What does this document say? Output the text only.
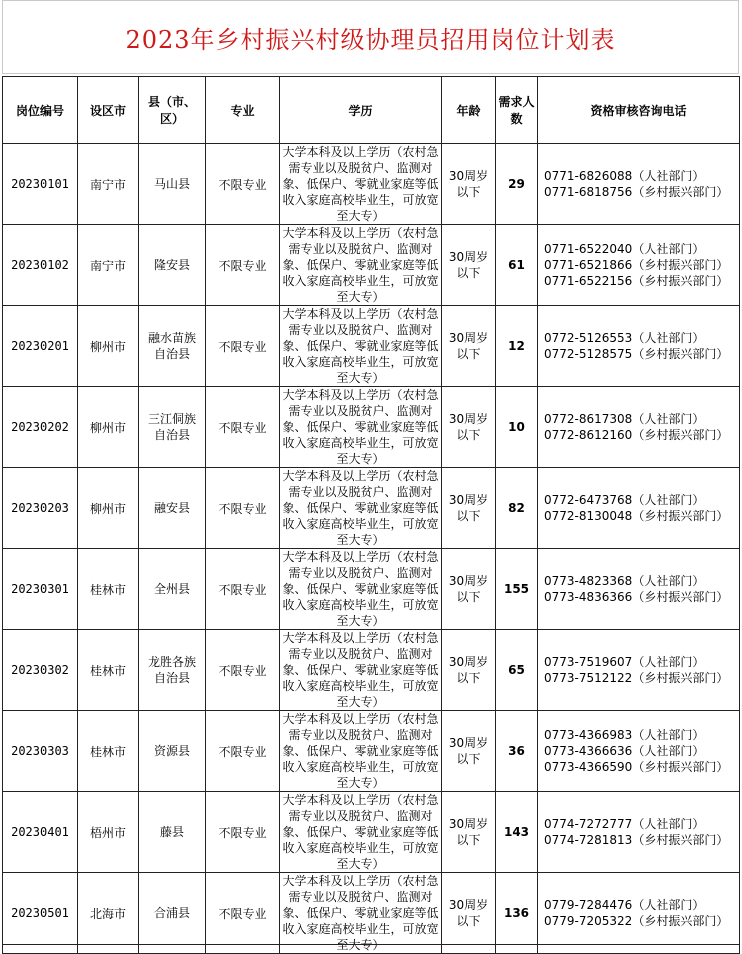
2023年乡村振兴村级协理员招用岗位计划表
岗位编号	设区市	县（市、区）	专业	学历	年龄	需求人数	资格审核咨询电话
20230101	南宁市	马山县	不限专业	大学本科及以上学历（农村急需专业以及脱贫户、监测对象、低保户、零就业家庭等低收入家庭高校毕业生，可放宽至大专）	30周岁以下	29	0771-6826088（人社部门）
0771-6818756（乡村振兴部门）

20230102	南宁市	隆安县	不限专业	大学本科及以上学历（农村急需专业以及脱贫户、监测对象、低保户、零就业家庭等低收入家庭高校毕业生，可放宽至大专）	30周岁以下	61	0771-6522040（人社部门）
0771-6521866（乡村振兴部门）
0771-6522156（乡村振兴部门）

20230201	柳州市	融水苗族自治县	不限专业	大学本科及以上学历（农村急需专业以及脱贫户、监测对象、低保户、零就业家庭等低收入家庭高校毕业生，可放宽至大专）	30周岁以下	12	0772-5126553（人社部门）
0772-5128575（乡村振兴部门）

20230202	柳州市	三江侗族自治县	不限专业	大学本科及以上学历（农村急需专业以及脱贫户、监测对象、低保户、零就业家庭等低收入家庭高校毕业生，可放宽至大专）	30周岁以下	10	0772-8617308（人社部门）
0772-8612160（乡村振兴部门）

20230203	柳州市	融安县	不限专业	大学本科及以上学历（农村急需专业以及脱贫户、监测对象、低保户、零就业家庭等低收入家庭高校毕业生，可放宽至大专）	30周岁以下	82	0772-6473768（人社部门）
0772-8130048（乡村振兴部门）

20230301	桂林市	全州县	不限专业	大学本科及以上学历（农村急需专业以及脱贫户、监测对象、低保户、零就业家庭等低收入家庭高校毕业生，可放宽至大专）	30周岁以下	155	0773-4823368（人社部门）
0773-4836366（乡村振兴部门）

20230302	桂林市	龙胜各族自治县	不限专业	大学本科及以上学历（农村急需专业以及脱贫户、监测对象、低保户、零就业家庭等低收入家庭高校毕业生，可放宽至大专）	30周岁以下	65	0773-7519607（人社部门）
0773-7512122（乡村振兴部门）

20230303	桂林市	资源县	不限专业	大学本科及以上学历（农村急需专业以及脱贫户、监测对象、低保户、零就业家庭等低收入家庭高校毕业生，可放宽至大专）	30周岁以下	36	0773-4366983（人社部门）
0773-4366636（人社部门）
0773-4366590（乡村振兴部门）

20230401	梧州市	藤县	不限专业	大学本科及以上学历（农村急需专业以及脱贫户、监测对象、低保户、零就业家庭等低收入家庭高校毕业生，可放宽至大专）	30周岁以下	143	0774-7272777（人社部门）
0774-7281813（乡村振兴部门）

20230501	北海市	合浦县	不限专业	大学本科及以上学历（农村急需专业以及脱贫户、监测对象、低保户、零就业家庭等低收入家庭高校毕业生，可放宽至大专）	30周岁以下	136	0779-7284476（人社部门）
0779-7205322（乡村振兴部门）
